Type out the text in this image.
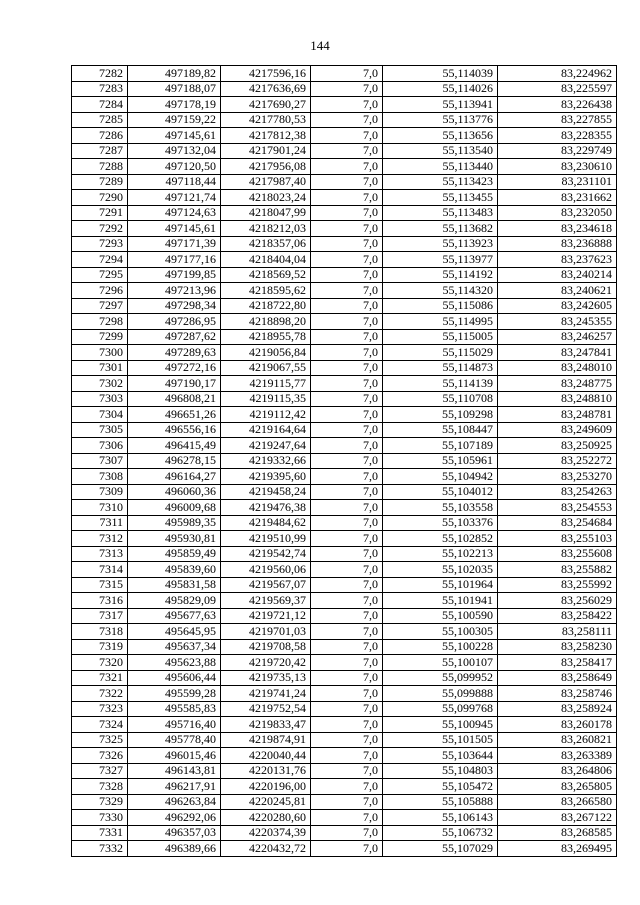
144
7282	497189,82	4217596,16	7,0	55,114039	83,224962
7283	497188,07	4217636,69	7,0	55,114026	83,225597
7284	497178,19	4217690,27	7,0	55,113941	83,226438
7285	497159,22	4217780,53	7,0	55,113776	83,227855
7286	497145,61	4217812,38	7,0	55,113656	83,228355
7287	497132,04	4217901,24	7,0	55,113540	83,229749
7288	497120,50	4217956,08	7,0	55,113440	83,230610
7289	497118,44	4217987,40	7,0	55,113423	83,231101
7290	497121,74	4218023,24	7,0	55,113455	83,231662
7291	497124,63	4218047,99	7,0	55,113483	83,232050
7292	497145,61	4218212,03	7,0	55,113682	83,234618
7293	497171,39	4218357,06	7,0	55,113923	83,236888
7294	497177,16	4218404,04	7,0	55,113977	83,237623
7295	497199,85	4218569,52	7,0	55,114192	83,240214
7296	497213,96	4218595,62	7,0	55,114320	83,240621
7297	497298,34	4218722,80	7,0	55,115086	83,242605
7298	497286,95	4218898,20	7,0	55,114995	83,245355
7299	497287,62	4218955,78	7,0	55,115005	83,246257
7300	497289,63	4219056,84	7,0	55,115029	83,247841
7301	497272,16	4219067,55	7,0	55,114873	83,248010
7302	497190,17	4219115,77	7,0	55,114139	83,248775
7303	496808,21	4219115,35	7,0	55,110708	83,248810
7304	496651,26	4219112,42	7,0	55,109298	83,248781
7305	496556,16	4219164,64	7,0	55,108447	83,249609
7306	496415,49	4219247,64	7,0	55,107189	83,250925
7307	496278,15	4219332,66	7,0	55,105961	83,252272
7308	496164,27	4219395,60	7,0	55,104942	83,253270
7309	496060,36	4219458,24	7,0	55,104012	83,254263
7310	496009,68	4219476,38	7,0	55,103558	83,254553
7311	495989,35	4219484,62	7,0	55,103376	83,254684
7312	495930,81	4219510,99	7,0	55,102852	83,255103
7313	495859,49	4219542,74	7,0	55,102213	83,255608
7314	495839,60	4219560,06	7,0	55,102035	83,255882
7315	495831,58	4219567,07	7,0	55,101964	83,255992
7316	495829,09	4219569,37	7,0	55,101941	83,256029
7317	495677,63	4219721,12	7,0	55,100590	83,258422
7318	495645,95	4219701,03	7,0	55,100305	83,258111
7319	495637,34	4219708,58	7,0	55,100228	83,258230
7320	495623,88	4219720,42	7,0	55,100107	83,258417
7321	495606,44	4219735,13	7,0	55,099952	83,258649
7322	495599,28	4219741,24	7,0	55,099888	83,258746
7323	495585,83	4219752,54	7,0	55,099768	83,258924
7324	495716,40	4219833,47	7,0	55,100945	83,260178
7325	495778,40	4219874,91	7,0	55,101505	83,260821
7326	496015,46	4220040,44	7,0	55,103644	83,263389
7327	496143,81	4220131,76	7,0	55,104803	83,264806
7328	496217,91	4220196,00	7,0	55,105472	83,265805
7329	496263,84	4220245,81	7,0	55,105888	83,266580
7330	496292,06	4220280,60	7,0	55,106143	83,267122
7331	496357,03	4220374,39	7,0	55,106732	83,268585
7332	496389,66	4220432,72	7,0	55,107029	83,269495
